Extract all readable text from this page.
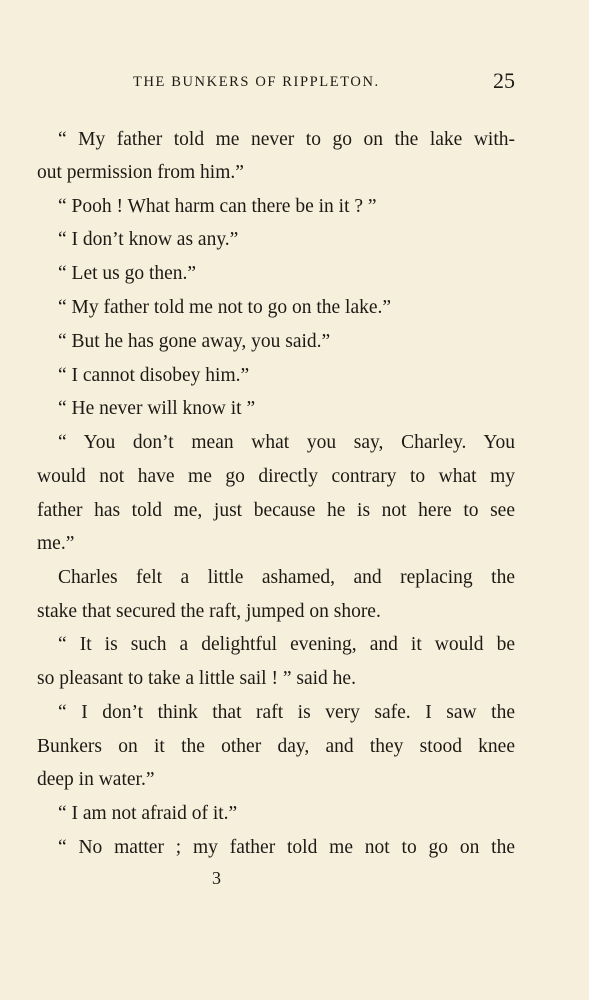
THE BUNKERS OF RIPPLETON.	25
“ My father told me never to go on the lake with-
out permission from him.”
“ Pooh ! What harm can there be in it ? ”
“ I don’t know as any.”
“ Let us go then.”
“ My father told me not to go on the lake.”
“ But he has gone away, you said.”
“ I cannot disobey him.”
“ He never will know it ”
“ You don’t mean what you say, Charley. You
would not have me go directly contrary to what my
father has told me, just because he is not here to see
me.”
Charles felt a little ashamed, and replacing the
stake that secured the raft, jumped on shore.
“ It is such a delightful evening, and it would be
so pleasant to take a little sail ! ” said he.
“ I don’t think that raft is very safe. I saw the
Bunkers on it the other day, and they stood knee
deep in water.”
“ I am not afraid of it.”
“ No matter ; my father told me not to go on the
3
